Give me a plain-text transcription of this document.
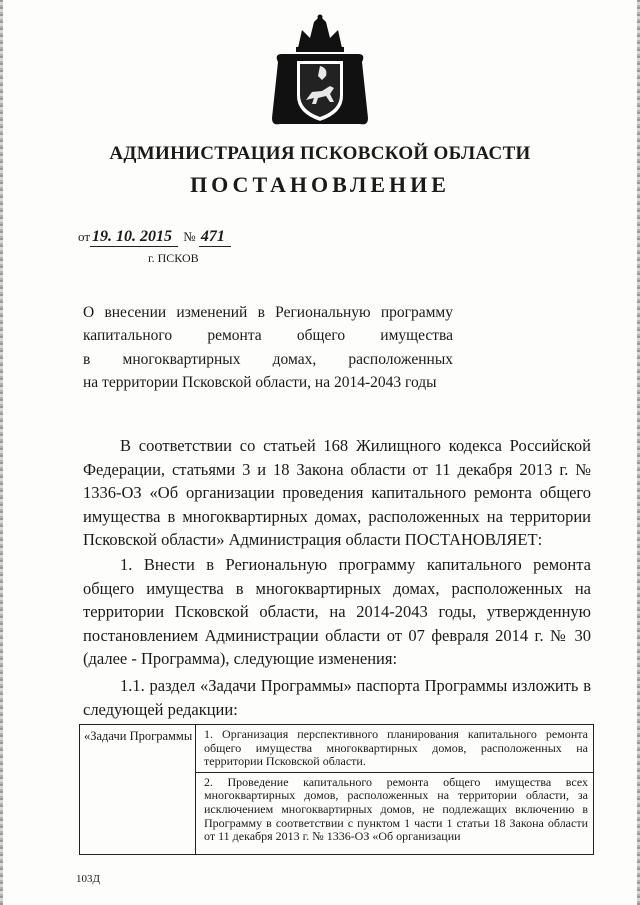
АДМИНИСТРАЦИЯ ПСКОВСКОЙ ОБЛАСТИ
ПОСТАНОВЛЕНИЕ
от 19. 10. 2015 № 471
г. ПСКОВ
О внесении изменений в Региональную программу
капитального ремонта общего имущества
в многоквартирных домах, расположенных
на территории Псковской области, на 2014-2043 годы
В соответствии со статьей 168 Жилищного кодекса Российской Федерации, статьями 3 и 18 Закона области от 11 декабря 2013 г. № 1336-ОЗ «Об организации проведения капитального ремонта общего имущества в многоквартирных домах, расположенных на территории Псковской области» Администрация области ПОСТАНОВЛЯЕТ:
1. Внести в Региональную программу капитального ремонта общего имущества в многоквартирных домах, расположенных на территории Псковской области, на 2014-2043 годы, утвержденную постановлением Администрации области от 07 февраля 2014 г. № 30 (далее - Программа), следующие изменения:
1.1. раздел «Задачи Программы» паспорта Программы изложить в следующей редакции:
«Задачи Программы 1. Организация перспективного планирования капитального ремонта общего имущества многоквартирных домов, расположенных на территории Псковской области.
2. Проведение капитального ремонта общего имущества всех многоквартирных домов, расположенных на территории области, за исключением многоквартирных домов, не подлежащих включению в Программу в соответствии с пунктом 1 части 1 статьи 18 Закона области от 11 декабря 2013 г. № 1336-ОЗ «Об организации
103Д
